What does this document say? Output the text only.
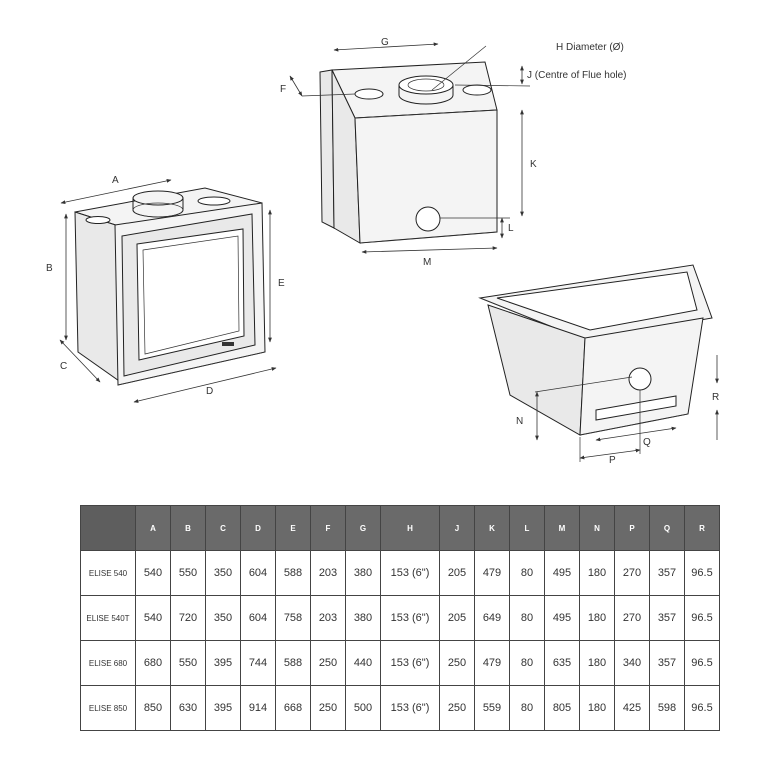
A
B
C
D
E
G
F
H Diameter (Ø)
J (Centre of Flue hole)
K
L
M
N
P
Q
R
	A	B	C	D	E	F	G	H	J	K	L	M	N	P	Q	R
ELISE 540	540	550	350	604	588	203	380	153 (6")	205	479	80	495	180	270	357	96.5
ELISE 540T	540	720	350	604	758	203	380	153 (6")	205	649	80	495	180	270	357	96.5
ELISE 680	680	550	395	744	588	250	440	153 (6")	250	479	80	635	180	340	357	96.5
ELISE 850	850	630	395	914	668	250	500	153 (6")	250	559	80	805	180	425	598	96.5
